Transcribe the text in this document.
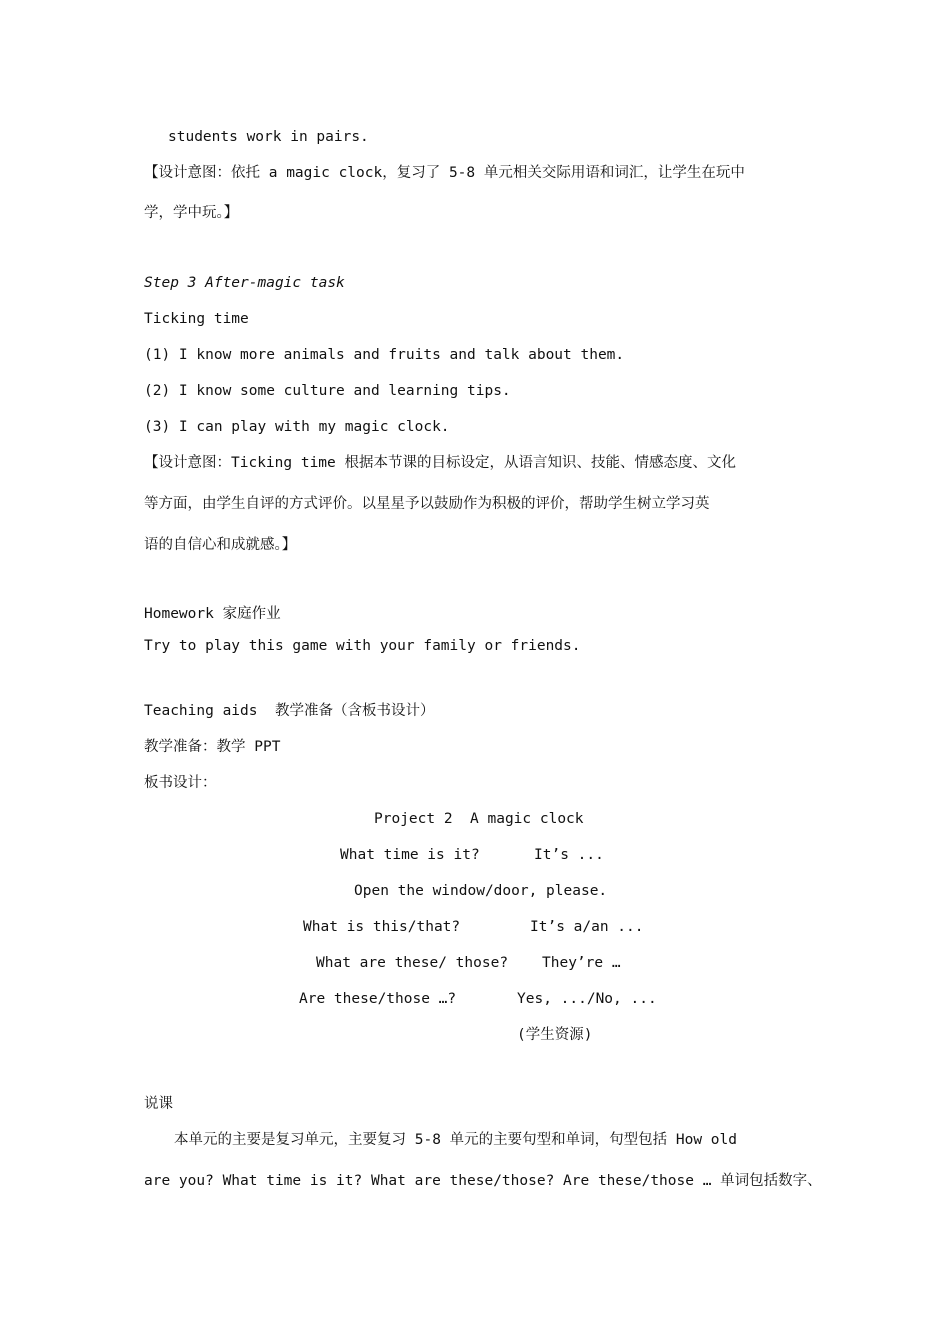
students work in pairs.
【设计意图：依托 a magic clock，复习了 5-8 单元相关交际用语和词汇，让学生在玩中
学，学中玩。】
Step 3 After-magic task
Ticking time
(1) I know more animals and fruits and talk about them.
(2) I know some culture and learning tips.
(3) I can play with my magic clock.
【设计意图：Ticking time 根据本节课的目标设定，从语言知识、技能、情感态度、文化
等方面，由学生自评的方式评价。以星星予以鼓励作为积极的评价，帮助学生树立学习英
语的自信心和成就感。】
Homework 家庭作业
Try to play this game with your family or friends.
Teaching aids  教学准备（含板书设计）
教学准备：教学 PPT
板书设计：
Project 2  A magic clock
What time is it?	It’s ...
Open the window/door, please.
What is this/that?	It’s a/an ...
What are these/ those? They’re …
Are these/those …?	Yes, .../No, ...
(学生资源)
说课
本单元的主要是复习单元，主要复习 5-8 单元的主要句型和单词，句型包括 How old
are you? What time is it? What are these/those? Are these/those … 单词包括数字、
